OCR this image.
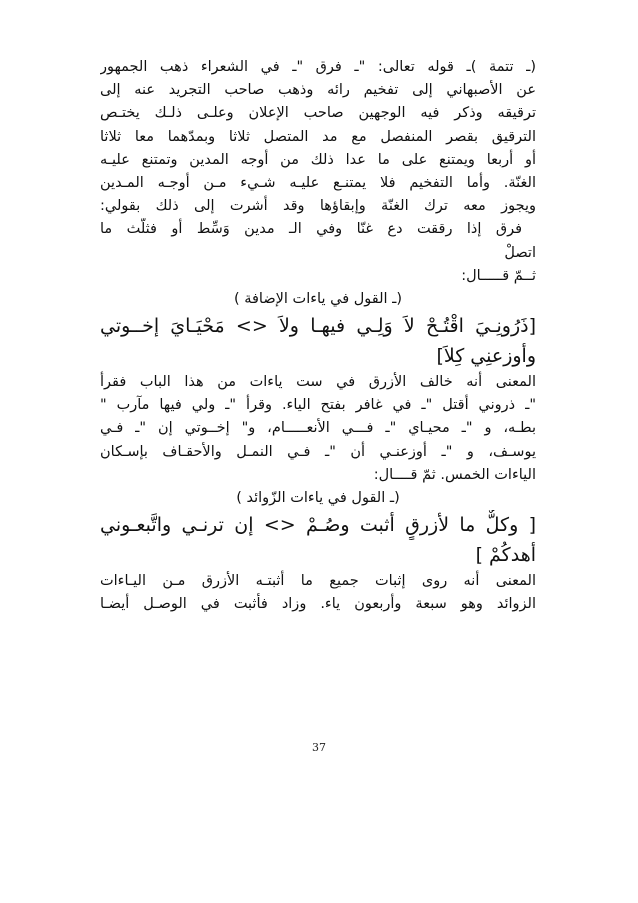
(ـ تتمة )ـ قوله تعالى: "ـ فرق "ـ في الشعراء ذهب الجمهور
عن الأصبهاني إلى تفخيم رائه وذهب صاحب التجريد عنه إلى
ترقيقه وذكر فيه الوجهين صاحب الإعلان وعلـى ذلـك يختـص
الترقيق بقصر المنفصل مع مد المتصل ثلاثا وبمدّهما معا ثلاثا
أو أربعا ويمتنع على ما عدا ذلك من أوجه المدين وتمتنع عليـه
الغنّة. وأما التفخيم فلا يمتنـع عليـه شـيء مـن أوجـه المـدين
ويجوز معه ترك الغنّة وإبقاؤها وقد أشرت إلى ذلك بقولي:
فرق إذا رققت دع غنّا وفي الـ مدين وَسِّط أو فثلّث ما
اتصلْ
ثــمّ قـــــال:
(ـ القول في ياءات الإضافة )
[ذَرُونِـيَ اقْتُـحْ لاَ وَلِـي فيهـا ولاَ <> مَحْيَـايَ إخــوتي
وأوزعنِي كِلاَ]
المعنى أنه خالف الأزرق في ست ياءات من هذا الباب فقرأ
"ـ ذروني أقتل "ـ في غافر بفتح الياء. وقرأ "ـ ولي فيها مآرب "
بطـه، و "ـ محيـاي "ـ فـــي الأنعـــــام، و" إخــوتي إن "ـ فـي
يوسـف، و "ـ أوزعنـي أن "ـ فـي النمـل والأحقـاف بإسـكان
الياءات الخمس. ثمّ قــــال:
(ـ القول في ياءات الزّوائد )
[ وكلٌّ ما لأزرقٍ أثبت وصُـمْ <> إن ترنـي واتَّبعـوني
أهدكُمْ ]
المعنى أنه روى إثبات جميع ما أثبتـه الأزرق مـن اليـاءات
الزوائد وهو سبعة وأربعون ياء. وزاد فأثبت في الوصـل أيضـا
37
